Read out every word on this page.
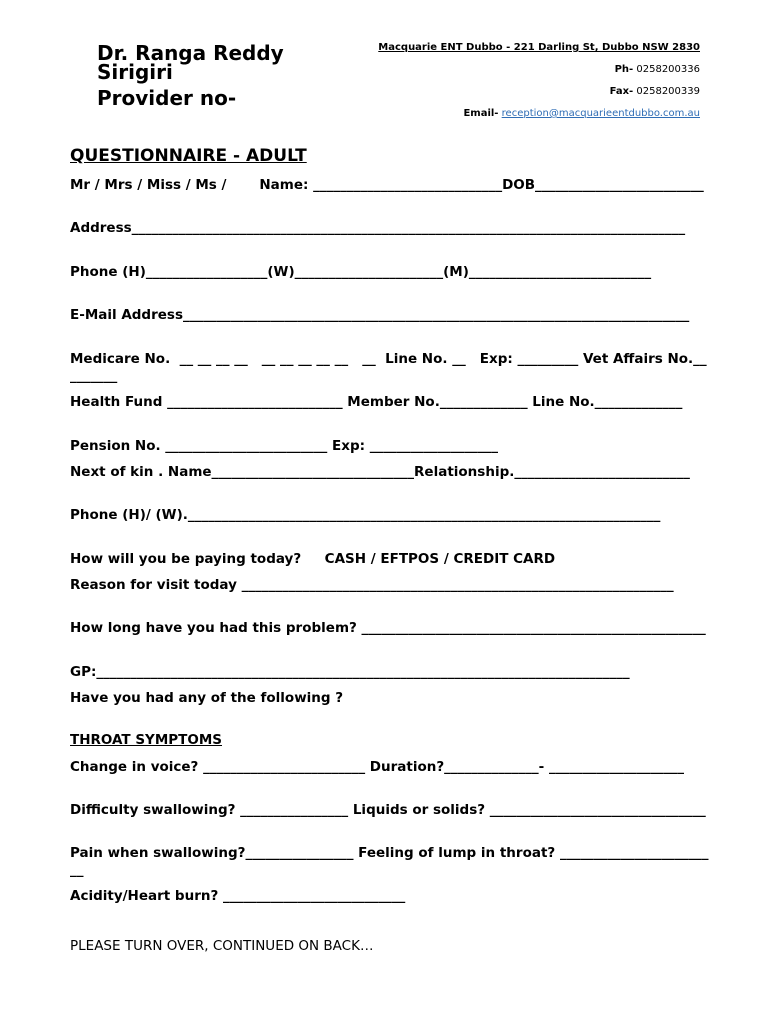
Dr. Ranga Reddy Sirigiri
Provider no-
Macquarie ENT Dubbo - 221 Darling St, Dubbo NSW 2830
Ph- 0258200336
Fax- 0258200339
Email- reception@macquarieentdubbo.com.au
QUESTIONNAIRE - ADULT
Mr / Mrs / Miss / Ms /       Name: ____________________________DOB_________________________
Address__________________________________________________________________________________
Phone (H)__________________(W)______________________(M)___________________________
E-Mail Address___________________________________________________________________________
Medicare No.  __ __ __ __   __ __ __ __ __   __  Line No. __   Exp: _________ Vet Affairs No._________
Health Fund __________________________ Member No._____________ Line No._____________
Pension No. ________________________ Exp: ___________________
Next of kin . Name______________________________Relationship.__________________________
Phone (H)/ (W).______________________________________________________________________
How will you be paying today?     CASH / EFTPOS / CREDIT CARD
Reason for visit today ________________________________________________________________
How long have you had this problem? ___________________________________________________
GP:_______________________________________________________________________________
Have you had any of the following ?
THROAT SYMPTOMS
Change in voice? ________________________ Duration?______________- ____________________
Difficulty swallowing? ________________ Liquids or solids? ________________________________
Pain when swallowing?________________ Feeling of lump in throat? ________________________
Acidity/Heart burn? ___________________________
PLEASE TURN OVER, CONTINUED ON BACK…
